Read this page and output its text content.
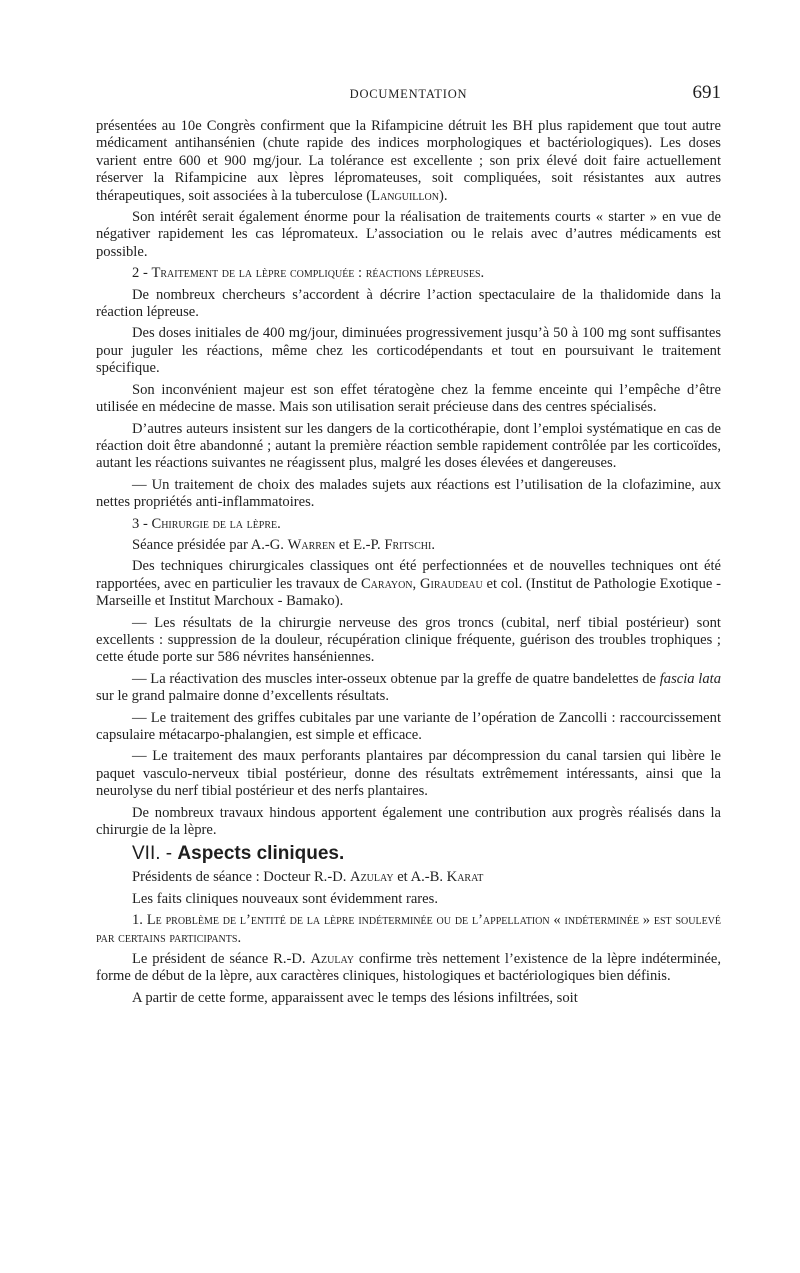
DOCUMENTATION	691

présentées au 10e Congrès confirment que la Rifampicine détruit les BH plus rapidement que tout autre médicament antihansénien (chute rapide des indices morphologiques et bactériologiques). Les doses varient entre 600 et 900 mg/jour. La tolérance est excellente ; son prix élevé doit faire actuellement réserver la Rifampicine aux lèpres lépromateuses, soit compliquées, soit résistantes aux autres thérapeutiques, soit associées à la tuberculose (Languillon).

Son intérêt serait également énorme pour la réalisation de traitements courts « starter » en vue de négativer rapidement les cas lépromateux. L’association ou le relais avec d’autres médicaments est possible.

2 - Traitement de la lèpre compliquée : réactions lépreuses.

De nombreux chercheurs s’accordent à décrire l’action spectaculaire de la thalidomide dans la réaction lépreuse.

Des doses initiales de 400 mg/jour, diminuées progressivement jusqu’à 50 à 100 mg sont suffisantes pour juguler les réactions, même chez les corticodépendants et tout en poursuivant le traitement spécifique.

Son inconvénient majeur est son effet tératogène chez la femme enceinte qui l’empêche d’être utilisée en médecine de masse. Mais son utilisation serait précieuse dans des centres spécialisés.

D’autres auteurs insistent sur les dangers de la corticothérapie, dont l’emploi systématique en cas de réaction doit être abandonné ; autant la première réaction semble rapidement contrôlée par les corticoïdes, autant les réactions suivantes ne réagissent plus, malgré les doses élevées et dangereuses.

— Un traitement de choix des malades sujets aux réactions est l’utilisation de la clofazimine, aux nettes propriétés anti-inflammatoires.

3 - Chirurgie de la lèpre.

Séance présidée par A.-G. Warren et E.-P. Fritschi.

Des techniques chirurgicales classiques ont été perfectionnées et de nouvelles techniques ont été rapportées, avec en particulier les travaux de Carayon, Giraudeau et col. (Institut de Pathologie Exotique - Marseille et Institut Marchoux - Bamako).

— Les résultats de la chirurgie nerveuse des gros troncs (cubital, nerf tibial postérieur) sont excellents : suppression de la douleur, récupération clinique fréquente, guérison des troubles trophiques ; cette étude porte sur 586 névrites hanséniennes.

— La réactivation des muscles inter-osseux obtenue par la greffe de quatre bandelettes de fascia lata sur le grand palmaire donne d’excellents résultats.

— Le traitement des griffes cubitales par une variante de l’opération de Zancolli : raccourcissement capsulaire métacarpo-phalangien, est simple et efficace.

— Le traitement des maux perforants plantaires par décompression du canal tarsien qui libère le paquet vasculo-nerveux tibial postérieur, donne des résultats extrêmement intéressants, ainsi que la neurolyse du nerf tibial postérieur et des nerfs plantaires.

De nombreux travaux hindous apportent également une contribution aux progrès réalisés dans la chirurgie de la lèpre.

VII. - Aspects cliniques.

Présidents de séance : Docteur R.-D. Azulay et A.-B. Karat

Les faits cliniques nouveaux sont évidemment rares.

1. Le problème de l’entité de la lèpre indéterminée ou de l’appellation « indéterminée » est soulevé par certains participants.

Le président de séance R.-D. Azulay confirme très nettement l’existence de la lèpre indéterminée, forme de début de la lèpre, aux caractères cliniques, histologiques et bactériologiques bien définis.

A partir de cette forme, apparaissent avec le temps des lésions infiltrées, soit
